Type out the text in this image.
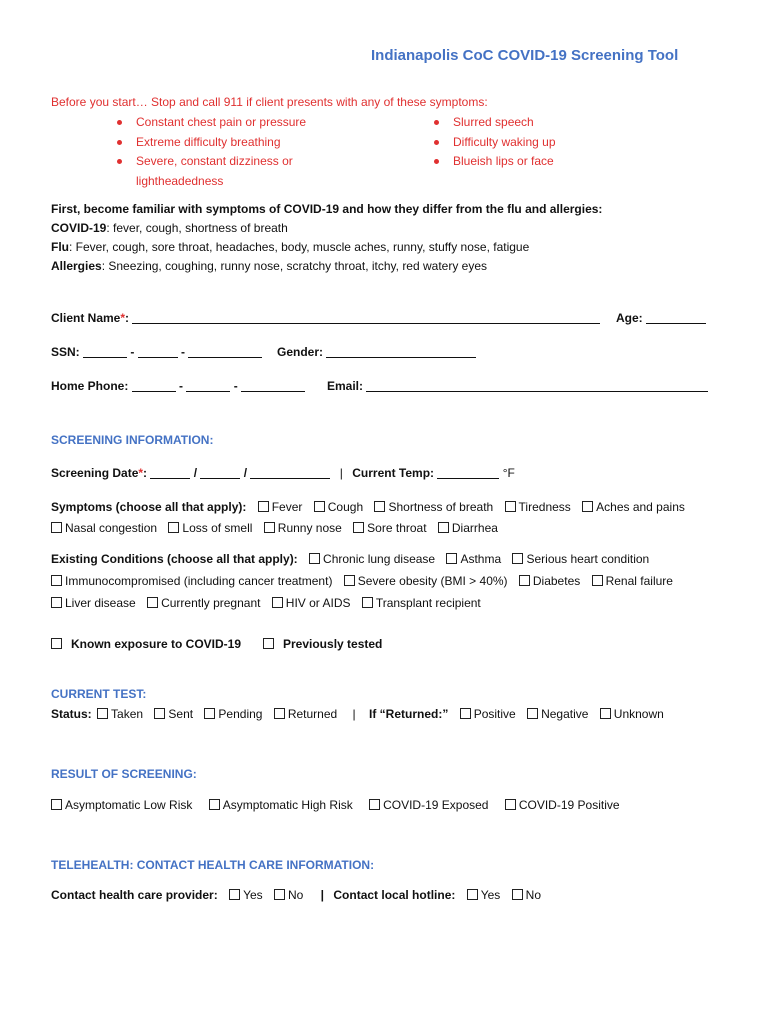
Indianapolis CoC COVID-19 Screening Tool
Before you start… Stop and call 911 if client presents with any of these symptoms:
Constant chest pain or pressure
Extreme difficulty breathing
Severe, constant dizziness or lightheadedness
Slurred speech
Difficulty waking up
Blueish lips or face
First, become familiar with symptoms of COVID-19 and how they differ from the flu and allergies:
COVID-19: fever, cough, shortness of breath
Flu: Fever, cough, sore throat, headaches, body, muscle aches, runny, stuffy nose, fatigue
Allergies: Sneezing, coughing, runny nose, scratchy throat, itchy, red watery eyes
Client Name*:	Age:
SSN:	-	-	Gender:
Home Phone:	-	-	Email:
SCREENING INFORMATION:
Screening Date*:	/	/	| Current Temp:	°F
Symptoms (choose all that apply): Fever Cough Shortness of breath Tiredness Aches and pains
Nasal congestion Loss of smell Runny nose Sore throat Diarrhea
Existing Conditions (choose all that apply): Chronic lung disease Asthma Serious heart condition
Immunocompromised (including cancer treatment) Severe obesity (BMI > 40%) Diabetes Renal failure
Liver disease Currently pregnant HIV or AIDS Transplant recipient
Known exposure to COVID-19	Previously tested
CURRENT TEST:
Status: Taken Sent Pending Returned | If “Returned:” Positive Negative Unknown
RESULT OF SCREENING:
Asymptomatic Low Risk	Asymptomatic High Risk	COVID-19 Exposed	COVID-19 Positive
TELEHEALTH: CONTACT HEALTH CARE INFORMATION:
Contact health care provider: Yes No | Contact local hotline: Yes No
